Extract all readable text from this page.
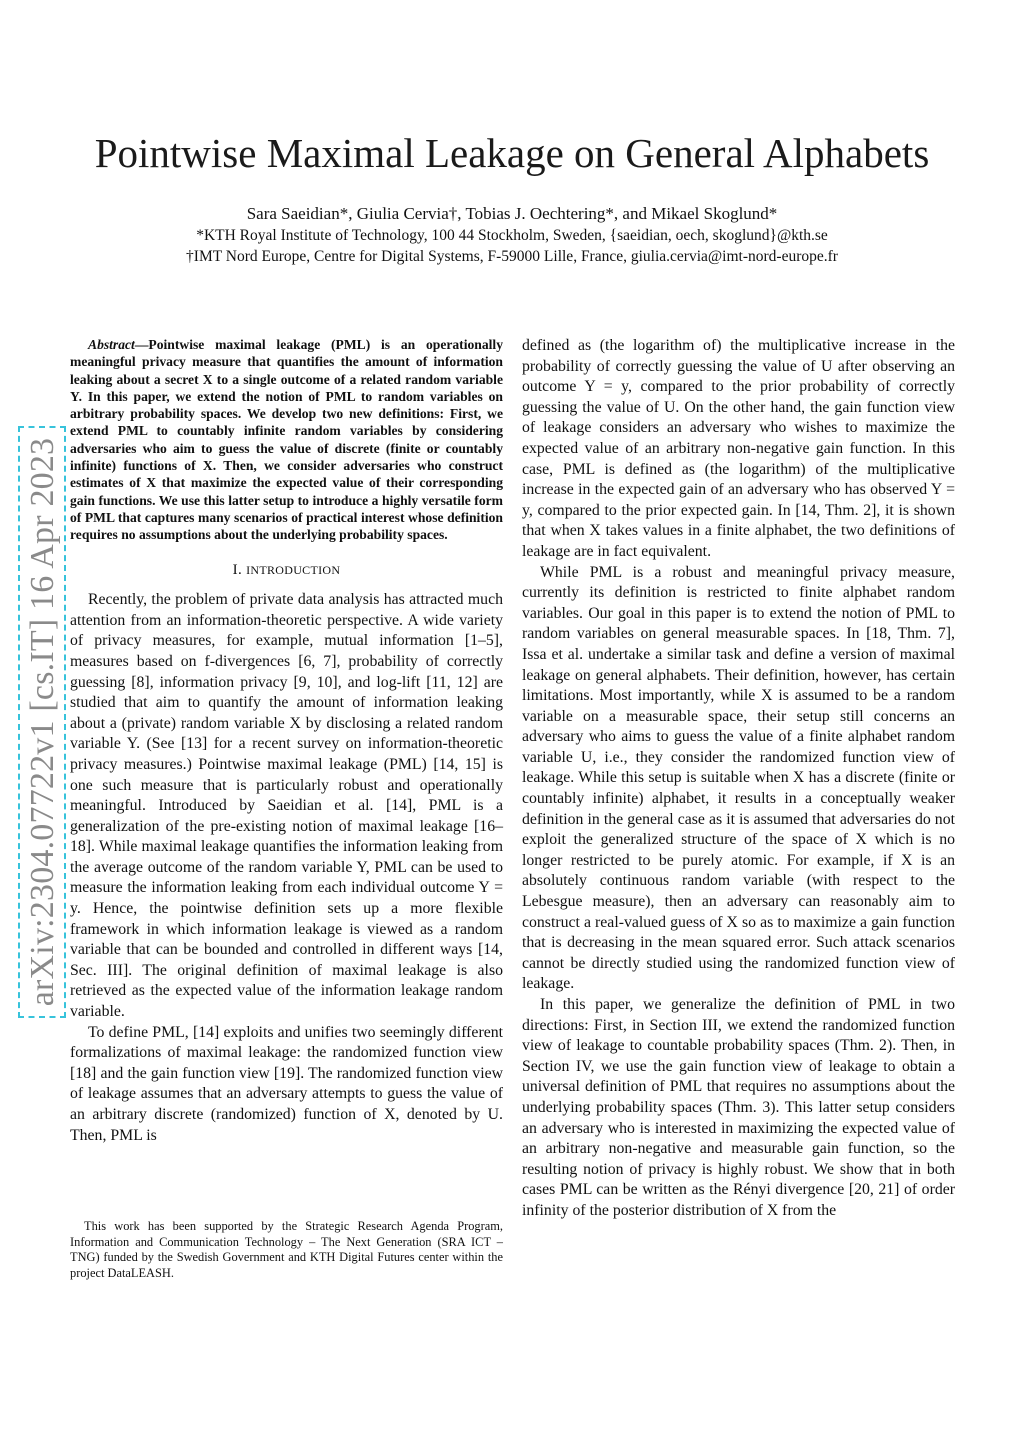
Pointwise Maximal Leakage on General Alphabets
Sara Saeidian*, Giulia Cervia†, Tobias J. Oechtering*, and Mikael Skoglund*
*KTH Royal Institute of Technology, 100 44 Stockholm, Sweden, {saeidian, oech, skoglund}@kth.se
†IMT Nord Europe, Centre for Digital Systems, F-59000 Lille, France, giulia.cervia@imt-nord-europe.fr
arXiv:2304.07722v1 [cs.IT] 16 Apr 2023

Abstract—Pointwise maximal leakage (PML) is an operationally meaningful privacy measure that quantifies the amount of information leaking about a secret X to a single outcome of a related random variable Y. In this paper, we extend the notion of PML to random variables on arbitrary probability spaces. We develop two new definitions: First, we extend PML to countably infinite random variables by considering adversaries who aim to guess the value of discrete (finite or countably infinite) functions of X. Then, we consider adversaries who construct estimates of X that maximize the expected value of their corresponding gain functions. We use this latter setup to introduce a highly versatile form of PML that captures many scenarios of practical interest whose definition requires no assumptions about the underlying probability spaces.

I. INTRODUCTION

Recently, the problem of private data analysis has attracted much attention from an information-theoretic perspective. A wide variety of privacy measures, for example, mutual information [1–5], measures based on f-divergences [6, 7], probability of correctly guessing [8], information privacy [9, 10], and log-lift [11, 12] are studied that aim to quantify the amount of information leaking about a (private) random variable X by disclosing a related random variable Y. (See [13] for a recent survey on information-theoretic privacy measures.) Pointwise maximal leakage (PML) [14, 15] is one such measure that is particularly robust and operationally meaningful. Introduced by Saeidian et al. [14], PML is a generalization of the pre-existing notion of maximal leakage [16–18]. While maximal leakage quantifies the information leaking from the average outcome of the random variable Y, PML can be used to measure the information leaking from each individual outcome Y = y. Hence, the pointwise definition sets up a more flexible framework in which information leakage is viewed as a random variable that can be bounded and controlled in different ways [14, Sec. III]. The original definition of maximal leakage is also retrieved as the expected value of the information leakage random variable.

To define PML, [14] exploits and unifies two seemingly different formalizations of maximal leakage: the randomized function view [18] and the gain function view [19]. The randomized function view of leakage assumes that an adversary attempts to guess the value of an arbitrary discrete (randomized) function of X, denoted by U. Then, PML is

This work has been supported by the Strategic Research Agenda Program, Information and Communication Technology – The Next Generation (SRA ICT – TNG) funded by the Swedish Government and KTH Digital Futures center within the project DataLEASH.

defined as (the logarithm of) the multiplicative increase in the probability of correctly guessing the value of U after observing an outcome Y = y, compared to the prior probability of correctly guessing the value of U. On the other hand, the gain function view of leakage considers an adversary who wishes to maximize the expected value of an arbitrary non-negative gain function. In this case, PML is defined as (the logarithm) of the multiplicative increase in the expected gain of an adversary who has observed Y = y, compared to the prior expected gain. In [14, Thm. 2], it is shown that when X takes values in a finite alphabet, the two definitions of leakage are in fact equivalent.

While PML is a robust and meaningful privacy measure, currently its definition is restricted to finite alphabet random variables. Our goal in this paper is to extend the notion of PML to random variables on general measurable spaces. In [18, Thm. 7], Issa et al. undertake a similar task and define a version of maximal leakage on general alphabets. Their definition, however, has certain limitations. Most importantly, while X is assumed to be a random variable on a measurable space, their setup still concerns an adversary who aims to guess the value of a finite alphabet random variable U, i.e., they consider the randomized function view of leakage. While this setup is suitable when X has a discrete (finite or countably infinite) alphabet, it results in a conceptually weaker definition in the general case as it is assumed that adversaries do not exploit the generalized structure of the space of X which is no longer restricted to be purely atomic. For example, if X is an absolutely continuous random variable (with respect to the Lebesgue measure), then an adversary can reasonably aim to construct a real-valued guess of X so as to maximize a gain function that is decreasing in the mean squared error. Such attack scenarios cannot be directly studied using the randomized function view of leakage.

In this paper, we generalize the definition of PML in two directions: First, in Section III, we extend the randomized function view of leakage to countable probability spaces (Thm. 2). Then, in Section IV, we use the gain function view of leakage to obtain a universal definition of PML that requires no assumptions about the underlying probability spaces (Thm. 3). This latter setup considers an adversary who is interested in maximizing the expected value of an arbitrary non-negative and measurable gain function, so the resulting notion of privacy is highly robust. We show that in both cases PML can be written as the Rényi divergence [20, 21] of order infinity of the posterior distribution of X from the
